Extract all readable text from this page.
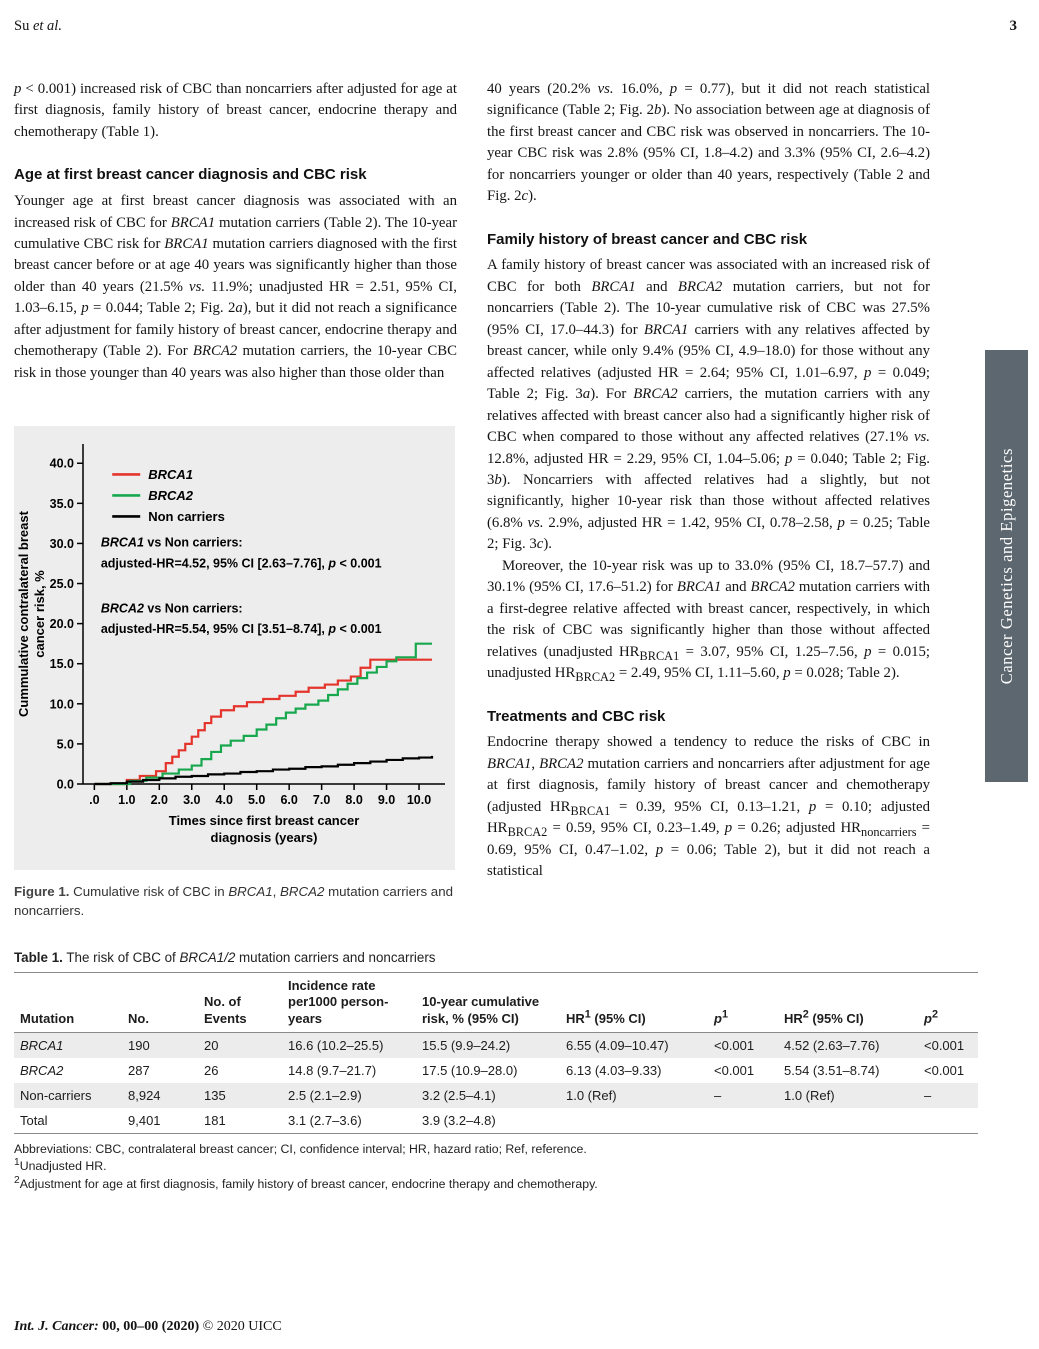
Su et al.	3

p < 0.001) increased risk of CBC than noncarriers after adjusted for age at first diagnosis, family history of breast cancer, endocrine therapy and chemotherapy (Table 1).

Age at first breast cancer diagnosis and CBC risk

Younger age at first breast cancer diagnosis was associated with an increased risk of CBC for BRCA1 mutation carriers (Table 2). The 10-year cumulative CBC risk for BRCA1 mutation carriers diagnosed with the first breast cancer before or at age 40 years was significantly higher than those older than 40 years (21.5% vs. 11.9%; unadjusted HR = 2.51, 95% CI, 1.03–6.15, p = 0.044; Table 2; Fig. 2a), but it did not reach a significance after adjustment for family history of breast cancer, endocrine therapy and chemotherapy (Table 2). For BRCA2 mutation carriers, the 10-year CBC risk in those younger than 40 years was also higher than those older than

0.0
5.0
10.0
15.0
20.0
25.0
30.0
35.0
40.0
.0 1.0 2.0 3.0 4.0 5.0 6.0 7.0 8.0 9.0 10.0
Times since first breast cancer
diagnosis (years)
Cummulative contralateral breast cancer risk, %
BRCA1
BRCA2
Non carriers
BRCA1 vs Non carriers:
adjusted-HR=4.52, 95% CI [2.63–7.76], p < 0.001
BRCA2 vs Non carriers:
adjusted-HR=5.54, 95% CI [3.51–8.74], p < 0.001

Figure 1. Cumulative risk of CBC in BRCA1, BRCA2 mutation carriers and noncarriers.

40 years (20.2% vs. 16.0%, p = 0.77), but it did not reach statistical significance (Table 2; Fig. 2b). No association between age at diagnosis of the first breast cancer and CBC risk was observed in noncarriers. The 10-year CBC risk was 2.8% (95% CI, 1.8–4.2) and 3.3% (95% CI, 2.6–4.2) for noncarriers younger or older than 40 years, respectively (Table 2 and Fig. 2c).

Family history of breast cancer and CBC risk

A family history of breast cancer was associated with an increased risk of CBC for both BRCA1 and BRCA2 mutation carriers, but not for noncarriers (Table 2). The 10-year cumulative risk of CBC was 27.5% (95% CI, 17.0–44.3) for BRCA1 carriers with any relatives affected by breast cancer, while only 9.4% (95% CI, 4.9–18.0) for those without any affected relatives (adjusted HR = 2.64; 95% CI, 1.01–6.97, p = 0.049; Table 2; Fig. 3a). For BRCA2 carriers, the mutation carriers with any relatives affected with breast cancer also had a significantly higher risk of CBC when compared to those without any affected relatives (27.1% vs. 12.8%, adjusted HR = 2.29, 95% CI, 1.04–5.06; p = 0.040; Table 2; Fig. 3b). Noncarriers with affected relatives had a slightly, but not significantly, higher 10-year risk than those without affected relatives (6.8% vs. 2.9%, adjusted HR = 1.42, 95% CI, 0.78–2.58, p = 0.25; Table 2; Fig. 3c).

Moreover, the 10-year risk was up to 33.0% (95% CI, 18.7–57.7) and 30.1% (95% CI, 17.6–51.2) for BRCA1 and BRCA2 mutation carriers with a first-degree relative affected with breast cancer, respectively, in which the risk of CBC was significantly higher than those without affected relatives (unadjusted $HR_{BRCA1} = 3.07$, 95% CI, 1.25–7.56, p = 0.015; unadjusted $HR_{BRCA2} = 2.49$, 95% CI, 1.11–5.60, p = 0.028; Table 2).

Treatments and CBC risk

Endocrine therapy showed a tendency to reduce the risks of CBC in BRCA1, BRCA2 mutation carriers and noncarriers after adjustment for age at first diagnosis, family history of breast cancer and chemotherapy (adjusted $HR_{BRCA1} = 0.39$, 95% CI, 0.13–1.21, p = 0.10; adjusted $HR_{BRCA2} = 0.59$, 95% CI, 0.23–1.49, p = 0.26; adjusted $HR_{noncarriers} = 0.69$, 95% CI, 0.47–1.02, p = 0.06; Table 2), but it did not reach a statistical

Table 1. The risk of CBC of BRCA1/2 mutation carriers and noncarriers
Mutation	No.	No. of Events	Incidence rate per1000 person-years	10-year cumulative risk, % (95% CI)	$HR^1$ (95% CI)	$p^1$	$HR^2$ (95% CI)	$p^2$
BRCA1	190	20	16.6 (10.2–25.5)	15.5 (9.9–24.2)	6.55 (4.09–10.47)	<0.001	4.52 (2.63–7.76)	<0.001
BRCA2	287	26	14.8 (9.7–21.7)	17.5 (10.9–28.0)	6.13 (4.03–9.33)	<0.001	5.54 (3.51–8.74)	<0.001
Non-carriers	8,924	135	2.5 (2.1–2.9)	3.2 (2.5–4.1)	1.0 (Ref)	–	1.0 (Ref)	–
Total	9,401	181	3.1 (2.7–3.6)	3.9 (3.2–4.8)				
Abbreviations: CBC, contralateral breast cancer; CI, confidence interval; HR, hazard ratio; Ref, reference.
$^1$Unadjusted HR.
$^2$Adjustment for age at first diagnosis, family history of breast cancer, endocrine therapy and chemotherapy.
Int. J. Cancer: 00, 00–00 (2020) © 2020 UICC
Cancer Genetics and Epigenetics
